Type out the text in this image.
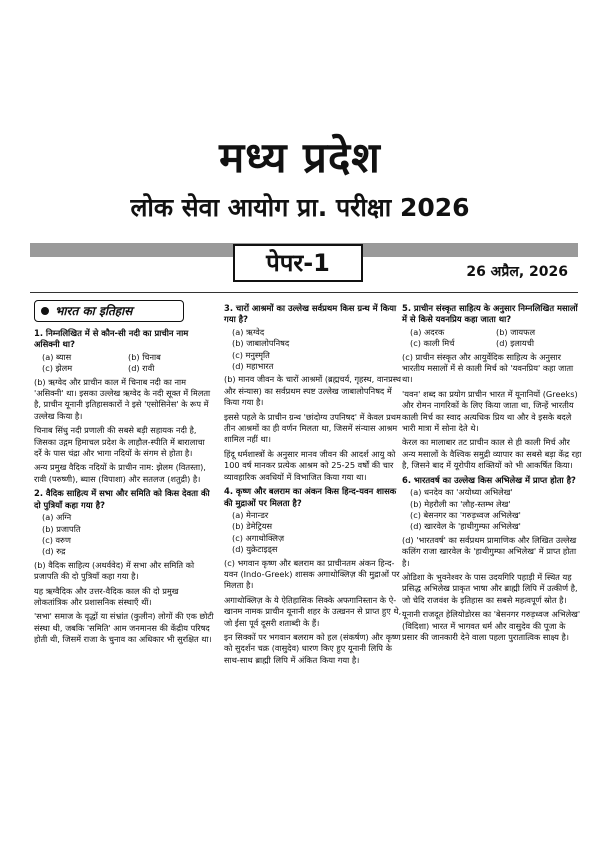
मध्य प्रदेश
लोक सेवा आयोग प्रा. परीक्षा 2026
पेपर-1	26 अप्रैल, 2026
भारत का इतिहास
1. निम्नलिखित में से कौन-सी नदी का प्राचीन नाम असिक्नी था?
(a) ब्यास	(b) चिनाब
(c) झेलम	(d) रावी

(b) ऋग्वेद और प्राचीन काल में चिनाब नदी का नाम 'असिक्नी' था। इसका उल्लेख ऋग्वेद के नदी सूक्त में मिलता है, प्राचीन यूनानी इतिहासकारों ने इसे 'एसोसिनेस' के रूप में उल्लेख किया है।

चिनाब सिंधु नदी प्रणाली की सबसे बड़ी सहायक नदी है, जिसका उद्गम हिमाचल प्रदेश के लाहौल-स्पीति में बारालाचा दर्रे के पास चंद्रा और भागा नदियों के संगम से होता है।

अन्य प्रमुख वैदिक नदियों के प्राचीन नाम: झेलम (वितस्ता), रावी (परुष्णी), ब्यास (विपाशा) और सतलज (शतुद्री) है।

2. वैदिक साहित्य में सभा और समिति को किस देवता की दो पुत्रियाँ कहा गया है?
(a) अग्नि
(b) प्रजापति
(c) वरुण
(d) रुद्र

(b) वैदिक साहित्य (अथर्ववेद) में सभा और समिति को प्रजापति की दो पुत्रियाँ कहा गया है।

यह ऋग्वैदिक और उत्तर-वैदिक काल की दो प्रमुख लोकतांत्रिक और प्रशासनिक संस्थाएँ थीं।

'सभा' समाज के वृद्धों या संभ्रांत (कुलीन) लोगों की एक छोटी संस्था थी, जबकि 'समिति' आम जनमानस की केंद्रीय परिषद होती थी, जिसमें राजा के चुनाव का अधिकार भी सुरक्षित था।

3. चारों आश्रमों का उल्लेख सर्वप्रथम किस ग्रन्थ में किया गया है?
(a) ऋग्वेद
(b) जाबालोपनिषद
(c) मनुस्मृति
(d) महाभारत

(b) मानव जीवन के चारों आश्रमों (ब्रह्मचर्य, गृहस्थ, वानप्रस्थ और संन्यास) का सर्वप्रथम स्पष्ट उल्लेख जाबालोपनिषद में किया गया है।

इससे पहले के प्राचीन ग्रन्थ 'छांदोग्य उपनिषद' में केवल प्रथम तीन आश्रमों का ही वर्णन मिलता था, जिसमें संन्यास आश्रम शामिल नहीं था।

हिंदू धर्मशास्त्रों के अनुसार मानव जीवन की आदर्श आयु को 100 वर्ष मानकर प्रत्येक आश्रम को 25-25 वर्षों की चार व्यावहारिक अवधियों में विभाजित किया गया था।

4. कृष्ण और बलराम का अंकन किस हिन्द-यवन शासक की मुद्राओं पर मिलता है?
(a) मेनान्डर
(b) डेमेट्रियस
(c) अगाथोक्लिज़
(d) युक्रेटाइड्स

(c) भगवान कृष्ण और बलराम का प्राचीनतम अंकन हिन्द-यवन (Indo-Greek) शासक अगाथोक्लिज़ की मुद्राओं पर मिलता है।

अगाथोक्लिज़ के ये ऐतिहासिक सिक्के अफगानिस्तान के ऐ-खानम नामक प्राचीन यूनानी शहर के उत्खनन से प्राप्त हुए थे, जो ईसा पूर्व दूसरी शताब्दी के हैं।

इन सिक्कों पर भगवान बलराम को हल (संकर्षण) और कृष्ण को सुदर्शन चक्र (वासुदेव) धारण किए हुए यूनानी लिपि के साथ-साथ ब्राह्मी लिपि में अंकित किया गया है।

5. प्राचीन संस्कृत साहित्य के अनुसार निम्नलिखित मसालों में से किसे यवनप्रिय कहा जाता था?
(a) अदरक	(b) जायफल
(c) काली मिर्च	(d) इलायची

(c) प्राचीन संस्कृत और आयुर्वेदिक साहित्य के अनुसार भारतीय मसालों में से काली मिर्च को 'यवनप्रिय' कहा जाता था।

'यवन' शब्द का प्रयोग प्राचीन भारत में यूनानियों (Greeks) और रोमन नागरिकों के लिए किया जाता था, जिन्हें भारतीय काली मिर्च का स्वाद अत्यधिक प्रिय था और वे इसके बदले भारी मात्रा में सोना देते थे।

केरल का मालाबार तट प्राचीन काल से ही काली मिर्च और अन्य मसालों के वैश्विक समुद्री व्यापार का सबसे बड़ा केंद्र रहा है, जिसने बाद में यूरोपीय शक्तियों को भी आकर्षित किया।

6. भारतवर्ष का उल्लेख किस अभिलेख में प्राप्त होता है?
(a) धनदेव का 'अयोध्या अभिलेख'
(b) मेहरौली का 'लौह-स्तम्भ लेख'
(c) बेसनगर का 'गरुड़ध्वज अभिलेख'
(d) खारवेल के 'हाथीगुम्फा अभिलेख'

(d) 'भारतवर्ष' का सर्वप्रथम प्रामाणिक और लिखित उल्लेख कलिंग राजा खारवेल के 'हाथीगुम्फा अभिलेख' में प्राप्त होता है।

ओडिशा के भुवनेश्वर के पास उदयगिरि पहाड़ी में स्थित यह प्रसिद्ध अभिलेख प्राकृत भाषा और ब्राह्मी लिपि में उत्कीर्ण है, जो चेदि राजवंश के इतिहास का सबसे महत्वपूर्ण स्रोत है।

यूनानी राजदूत हेलियोडोरस का 'बेसनगर गरुड़ध्वज अभिलेख' (विदिशा) भारत में भागवत धर्म और वासुदेव की पूजा के प्रसार की जानकारी देने वाला पहला पुरातात्विक साक्ष्य है।
